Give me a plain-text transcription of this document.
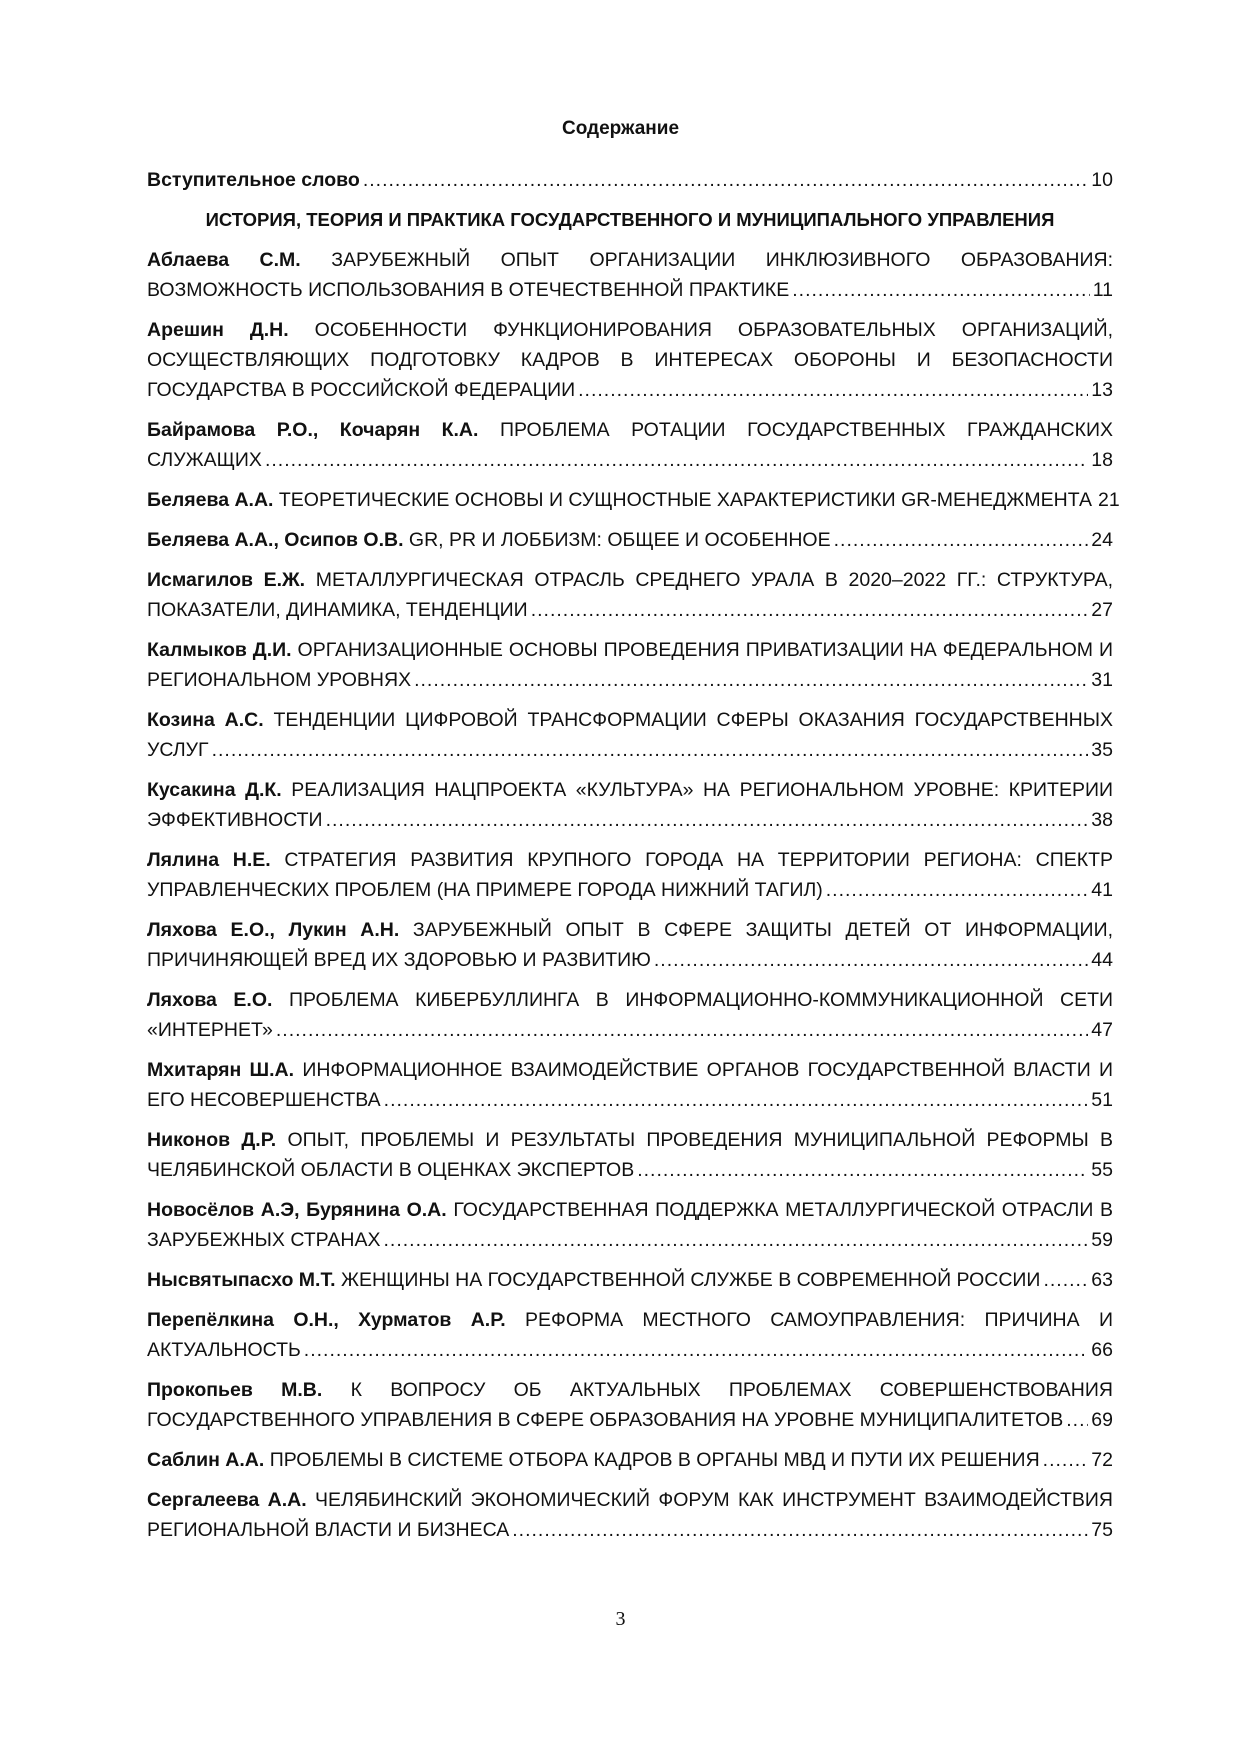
Содержание
Вступительное слово .....	10
ИСТОРИЯ, ТЕОРИЯ И ПРАКТИКА ГОСУДАРСТВЕННОГО И МУНИЦИПАЛЬНОГО УПРАВЛЕНИЯ
Аблаева С.М. ЗАРУБЕЖНЫЙ ОПЫТ ОРГАНИЗАЦИИ ИНКЛЮЗИВНОГО ОБРАЗОВАНИЯ:
ВОЗМОЖНОСТЬ ИСПОЛЬЗОВАНИЯ В ОТЕЧЕСТВЕННОЙ ПРАКТИКЕ .....	11
Арешин Д.Н. ОСОБЕННОСТИ ФУНКЦИОНИРОВАНИЯ ОБРАЗОВАТЕЛЬНЫХ ОРГАНИЗАЦИЙ,
ОСУЩЕСТВЛЯЮЩИХ ПОДГОТОВКУ КАДРОВ В ИНТЕРЕСАХ ОБОРОНЫ И БЕЗОПАСНОСТИ
ГОСУДАРСТВА В РОССИЙСКОЙ ФЕДЕРАЦИИ .....	13
Байрамова Р.О., Кочарян К.А. ПРОБЛЕМА РОТАЦИИ ГОСУДАРСТВЕННЫХ ГРАЖДАНСКИХ
СЛУЖАЩИХ .....	18
Беляева А.А. ТЕОРЕТИЧЕСКИЕ ОСНОВЫ И СУЩНОСТНЫЕ ХАРАКТЕРИСТИКИ GR-МЕНЕДЖМЕНТА 21
Беляева А.А., Осипов О.В. GR, PR И ЛОББИЗМ: ОБЩЕЕ И ОСОБЕННОЕ .....	24
Исмагилов Е.Ж. МЕТАЛЛУРГИЧЕСКАЯ ОТРАСЛЬ СРЕДНЕГО УРАЛА В 2020–2022 ГГ.: СТРУКТУРА,
ПОКАЗАТЕЛИ, ДИНАМИКА, ТЕНДЕНЦИИ .....	27
Калмыков Д.И. ОРГАНИЗАЦИОННЫЕ ОСНОВЫ ПРОВЕДЕНИЯ ПРИВАТИЗАЦИИ НА ФЕДЕРАЛЬНОМ И
РЕГИОНАЛЬНОМ УРОВНЯХ .....	31
Козина А.С. ТЕНДЕНЦИИ ЦИФРОВОЙ ТРАНСФОРМАЦИИ СФЕРЫ ОКАЗАНИЯ ГОСУДАРСТВЕННЫХ
УСЛУГ .....	35
Кусакина Д.К. РЕАЛИЗАЦИЯ НАЦПРОЕКТА «КУЛЬТУРА» НА РЕГИОНАЛЬНОМ УРОВНЕ: КРИТЕРИИ
ЭФФЕКТИВНОСТИ .....	38
Лялина Н.Е. СТРАТЕГИЯ РАЗВИТИЯ КРУПНОГО ГОРОДА НА ТЕРРИТОРИИ РЕГИОНА: СПЕКТР
УПРАВЛЕНЧЕСКИХ ПРОБЛЕМ (НА ПРИМЕРЕ ГОРОДА НИЖНИЙ ТАГИЛ) .....	41
Ляхова Е.О., Лукин А.Н. ЗАРУБЕЖНЫЙ ОПЫТ В СФЕРЕ ЗАЩИТЫ ДЕТЕЙ ОТ ИНФОРМАЦИИ,
ПРИЧИНЯЮЩЕЙ ВРЕД ИХ ЗДОРОВЬЮ И РАЗВИТИЮ .....	44
Ляхова Е.О. ПРОБЛЕМА КИБЕРБУЛЛИНГА В ИНФОРМАЦИОННО-КОММУНИКАЦИОННОЙ СЕТИ
«ИНТЕРНЕТ» .....	47
Мхитарян Ш.А. ИНФОРМАЦИОННОЕ ВЗАИМОДЕЙСТВИЕ ОРГАНОВ ГОСУДАРСТВЕННОЙ ВЛАСТИ И
ЕГО НЕСОВЕРШЕНСТВА .....	51
Никонов Д.Р. ОПЫТ, ПРОБЛЕМЫ И РЕЗУЛЬТАТЫ ПРОВЕДЕНИЯ МУНИЦИПАЛЬНОЙ РЕФОРМЫ В
ЧЕЛЯБИНСКОЙ ОБЛАСТИ В ОЦЕНКАХ ЭКСПЕРТОВ .....	55
Новосёлов А.Э, Бурянина О.А. ГОСУДАРСТВЕННАЯ ПОДДЕРЖКА МЕТАЛЛУРГИЧЕСКОЙ ОТРАСЛИ В
ЗАРУБЕЖНЫХ СТРАНАХ .....	59
Нысвятыпасхо М.Т. ЖЕНЩИНЫ НА ГОСУДАРСТВЕННОЙ СЛУЖБЕ В СОВРЕМЕННОЙ РОССИИ .....	63
Перепёлкина О.Н., Хурматов А.Р. РЕФОРМА МЕСТНОГО САМОУПРАВЛЕНИЯ: ПРИЧИНА И
АКТУАЛЬНОСТЬ .....	66
Прокопьев М.В. К ВОПРОСУ ОБ АКТУАЛЬНЫХ ПРОБЛЕМАХ СОВЕРШЕНСТВОВАНИЯ
ГОСУДАРСТВЕННОГО УПРАВЛЕНИЯ В СФЕРЕ ОБРАЗОВАНИЯ НА УРОВНЕ МУНИЦИПАЛИТЕТОВ ..... 69
Саблин А.А. ПРОБЛЕМЫ В СИСТЕМЕ ОТБОРА КАДРОВ В ОРГАНЫ МВД И ПУТИ ИХ РЕШЕНИЯ .....	72
Сергалеева А.А. ЧЕЛЯБИНСКИЙ ЭКОНОМИЧЕСКИЙ ФОРУМ КАК ИНСТРУМЕНТ ВЗАИМОДЕЙСТВИЯ
РЕГИОНАЛЬНОЙ ВЛАСТИ И БИЗНЕСА .....	75
3
